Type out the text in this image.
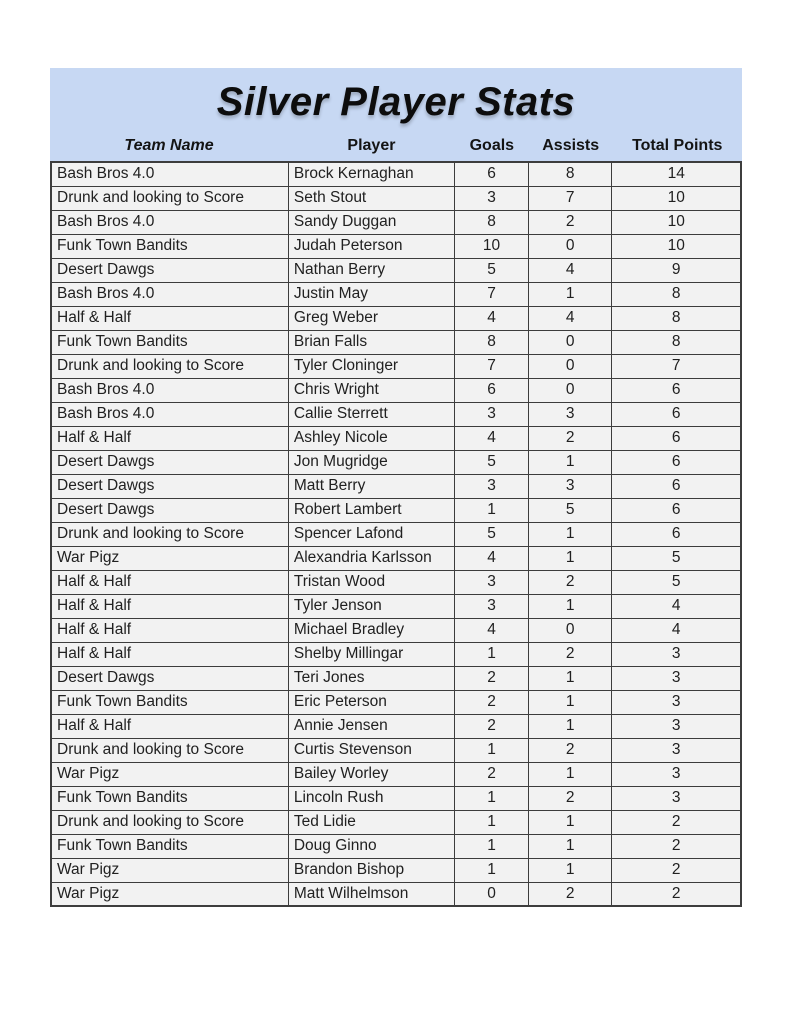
Silver Player Stats
Team Name	Player	Goals	Assists	Total Points
Bash Bros 4.0	Brock Kernaghan	6	8	14
Drunk and looking to Score	Seth Stout	3	7	10
Bash Bros 4.0	Sandy Duggan	8	2	10
Funk Town Bandits	Judah Peterson	10	0	10
Desert Dawgs	Nathan Berry	5	4	9
Bash Bros 4.0	Justin May	7	1	8
Half & Half	Greg Weber	4	4	8
Funk Town Bandits	Brian Falls	8	0	8
Drunk and looking to Score	Tyler Cloninger	7	0	7
Bash Bros 4.0	Chris Wright	6	0	6
Bash Bros 4.0	Callie Sterrett	3	3	6
Half & Half	Ashley Nicole	4	2	6
Desert Dawgs	Jon Mugridge	5	1	6
Desert Dawgs	Matt Berry	3	3	6
Desert Dawgs	Robert Lambert	1	5	6
Drunk and looking to Score	Spencer Lafond	5	1	6
War Pigz	Alexandria Karlsson	4	1	5
Half & Half	Tristan Wood	3	2	5
Half & Half	Tyler Jenson	3	1	4
Half & Half	Michael Bradley	4	0	4
Half & Half	Shelby Millingar	1	2	3
Desert Dawgs	Teri Jones	2	1	3
Funk Town Bandits	Eric Peterson	2	1	3
Half & Half	Annie Jensen	2	1	3
Drunk and looking to Score	Curtis Stevenson	1	2	3
War Pigz	Bailey Worley	2	1	3
Funk Town Bandits	Lincoln Rush	1	2	3
Drunk and looking to Score	Ted Lidie	1	1	2
Funk Town Bandits	Doug Ginno	1	1	2
War Pigz	Brandon Bishop	1	1	2
War Pigz	Matt Wilhelmson	0	2	2
